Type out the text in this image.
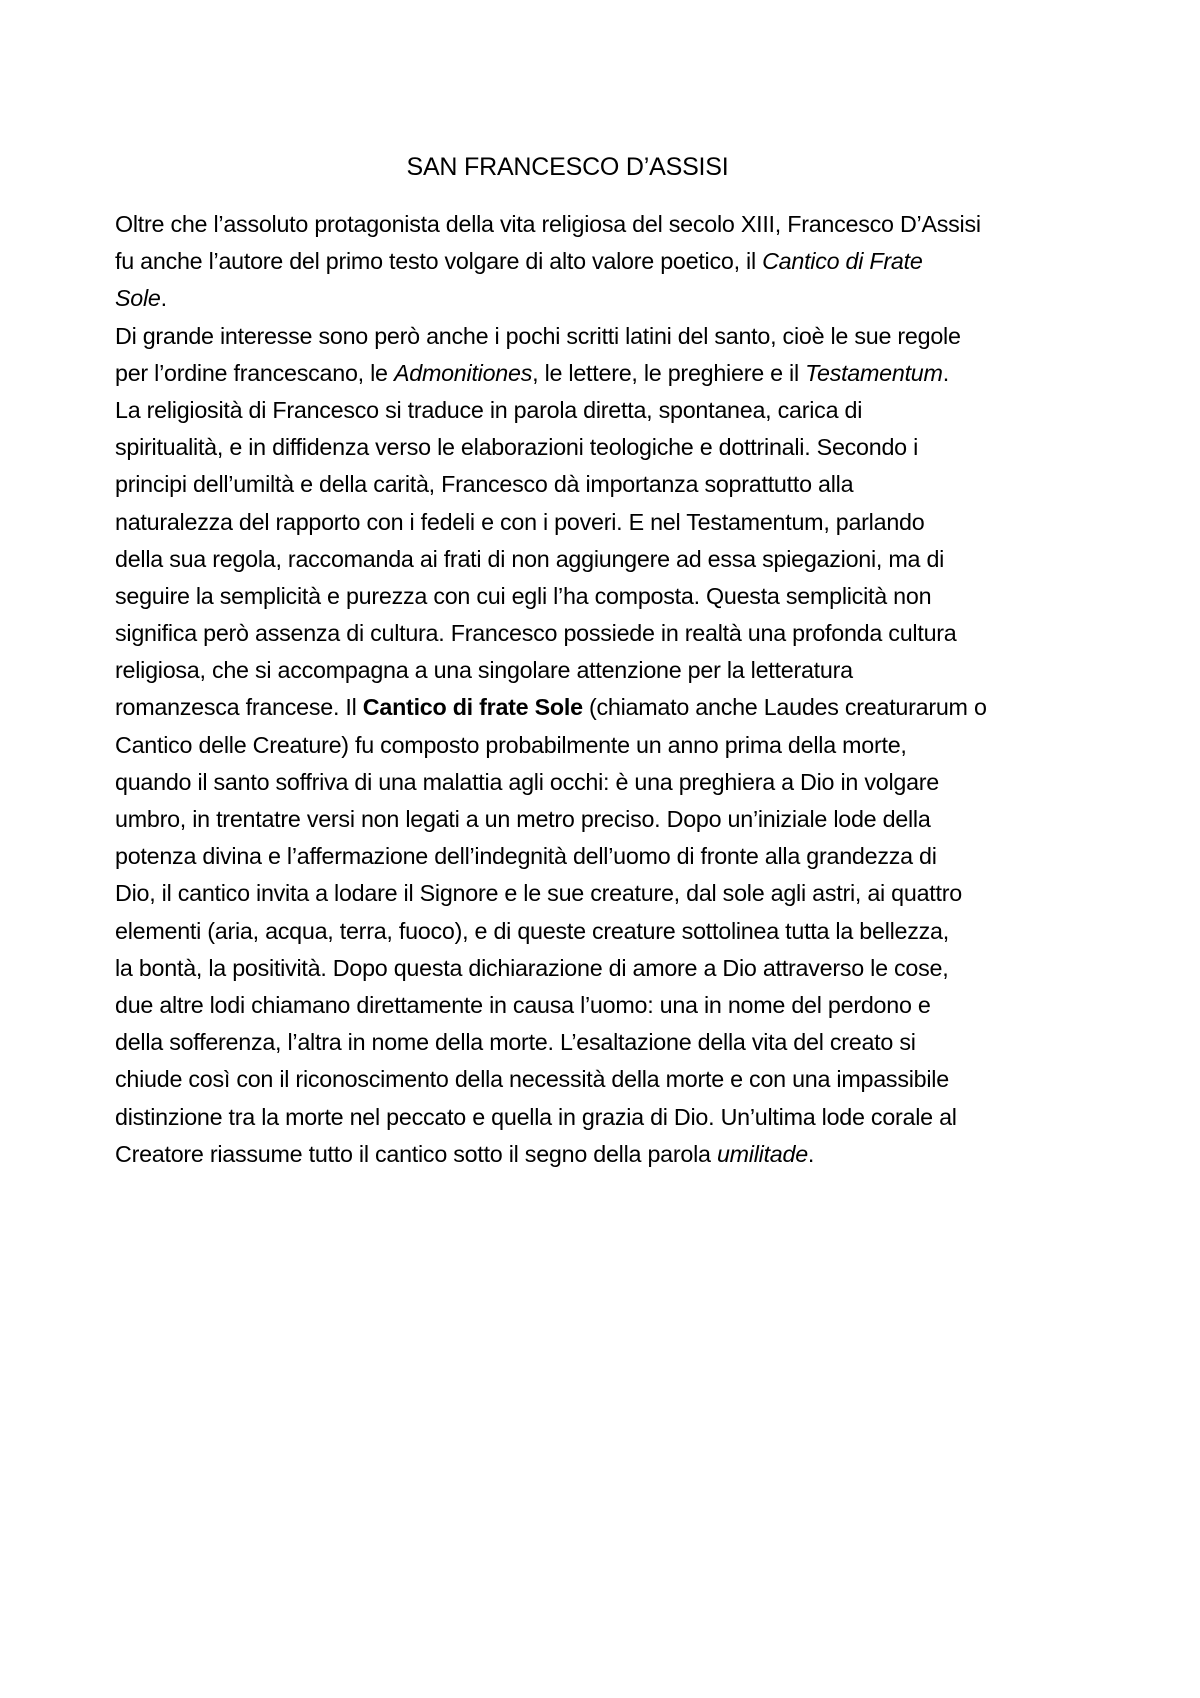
SAN FRANCESCO D’ASSISI
Oltre che l’assoluto protagonista della vita religiosa del secolo XIII, Francesco D’Assisi
fu anche l’autore del primo testo volgare di alto valore poetico, il Cantico di Frate
Sole.
Di grande interesse sono però anche i pochi scritti latini del santo, cioè le sue regole
per l’ordine francescano, le Admonitiones, le lettere, le preghiere e il Testamentum.
La religiosità di Francesco si traduce in parola diretta, spontanea, carica di
spiritualità, e in diffidenza verso le elaborazioni teologiche e dottrinali. Secondo i
principi dell’umiltà e della carità, Francesco dà importanza soprattutto alla
naturalezza del rapporto con i fedeli e con i poveri. E nel Testamentum, parlando
della sua regola, raccomanda ai frati di non aggiungere ad essa spiegazioni, ma di
seguire la semplicità e purezza con cui egli l’ha composta. Questa semplicità non
significa però assenza di cultura. Francesco possiede in realtà una profonda cultura
religiosa, che si accompagna a una singolare attenzione per la letteratura
romanzesca francese. Il Cantico di frate Sole (chiamato anche Laudes creaturarum o
Cantico delle Creature) fu composto probabilmente un anno prima della morte,
quando il santo soffriva di una malattia agli occhi: è una preghiera a Dio in volgare
umbro, in trentatre versi non legati a un metro preciso. Dopo un’iniziale lode della
potenza divina e l’affermazione dell’indegnità dell’uomo di fronte alla grandezza di
Dio, il cantico invita a lodare il Signore e le sue creature, dal sole agli astri, ai quattro
elementi (aria, acqua, terra, fuoco), e di queste creature sottolinea tutta la bellezza,
la bontà, la positività. Dopo questa dichiarazione di amore a Dio attraverso le cose,
due altre lodi chiamano direttamente in causa l’uomo: una in nome del perdono e
della sofferenza, l’altra in nome della morte. L’esaltazione della vita del creato si
chiude così con il riconoscimento della necessità della morte e con una impassibile
distinzione tra la morte nel peccato e quella in grazia di Dio. Un’ultima lode corale al
Creatore riassume tutto il cantico sotto il segno della parola umilitade.
